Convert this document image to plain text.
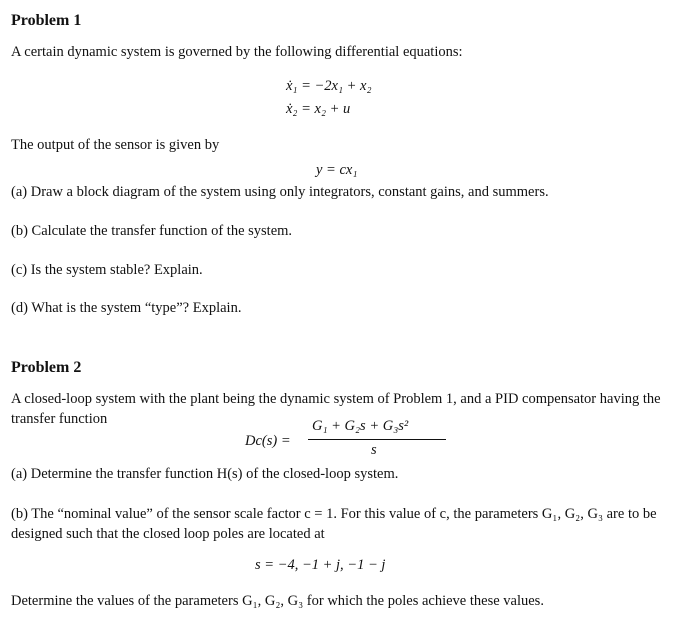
Problem 1
A certain dynamic system is governed by the following differential equations:
ẋ₁ = −2x₁ + x₂
ẋ₂ = x₂ + u
The output of the sensor is given by
y = cx₁
(a) Draw a block diagram of the system using only integrators, constant gains, and summers.
(b) Calculate the transfer function of the system.
(c) Is the system stable? Explain.
(d) What is the system “type”? Explain.
Problem 2
A closed-loop system with the plant being the dynamic system of Problem 1, and a PID compensator having the transfer function
Dc(s) =
G₁ + G₂s + G₃s²
s
(a) Determine the transfer function H(s) of the closed-loop system.
(b) The “nominal value” of the sensor scale factor c = 1. For this value of c, the parameters G₁, G₂, G₃ are to be designed such that the closed loop poles are located at
s = −4, −1 + j, −1 − j
Determine the values of the parameters G₁, G₂, G₃ for which the poles achieve these values.
